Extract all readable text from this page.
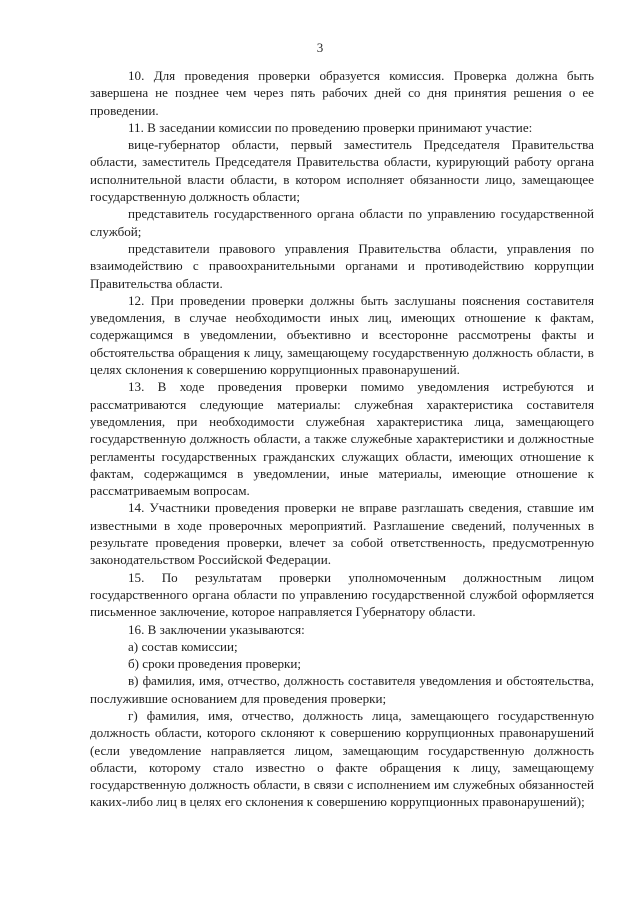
3

10. Для проведения проверки образуется комиссия. Проверка должна быть завершена не позднее чем через пять рабочих дней со дня принятия решения о ее проведении.

11. В заседании комиссии по проведению проверки принимают участие:

вице-губернатор области, первый заместитель Председателя Правительства области, заместитель Председателя Правительства области, курирующий работу органа исполнительной власти области, в котором исполняет обязанности лицо, замещающее государственную должность области;

представитель государственного органа области по управлению государственной службой;

представители правового управления Правительства области, управления по взаимодействию с правоохранительными органами и противодействию коррупции Правительства области.

12. При проведении проверки должны быть заслушаны пояснения составителя уведомления, в случае необходимости иных лиц, имеющих отношение к фактам, содержащимся в уведомлении, объективно и всесторонне рассмотрены факты и обстоятельства обращения к лицу, замещающему государственную должность области, в целях склонения к совершению коррупционных правонарушений.

13. В ходе проведения проверки помимо уведомления истребуются и рассматриваются следующие материалы: служебная характеристика составителя уведомления, при необходимости служебная характеристика лица, замещающего государственную должность области, а также служебные характеристики и должностные регламенты государственных гражданских служащих области, имеющих отношение к фактам, содержащимся в уведомлении, иные материалы, имеющие отношение к рассматриваемым вопросам.

14. Участники проведения проверки не вправе разглашать сведения, ставшие им известными в ходе проверочных мероприятий. Разглашение сведений, полученных в результате проведения проверки, влечет за собой ответственность, предусмотренную законодательством Российской Федерации.

15. По результатам проверки уполномоченным должностным лицом государственного органа области по управлению государственной службой оформляется письменное заключение, которое направляется Губернатору области.

16. В заключении указываются:

а) состав комиссии;

б) сроки проведения проверки;

в) фамилия, имя, отчество, должность составителя уведомления и обстоятельства, послужившие основанием для проведения проверки;

г) фамилия, имя, отчество, должность лица, замещающего государственную должность области, которого склоняют к совершению коррупционных правонарушений (если уведомление направляется лицом, замещающим государственную должность области, которому стало известно о факте обращения к лицу, замещающему государственную должность области, в связи с исполнением им служебных обязанностей каких-либо лиц в целях его склонения к совершению коррупционных правонарушений);
